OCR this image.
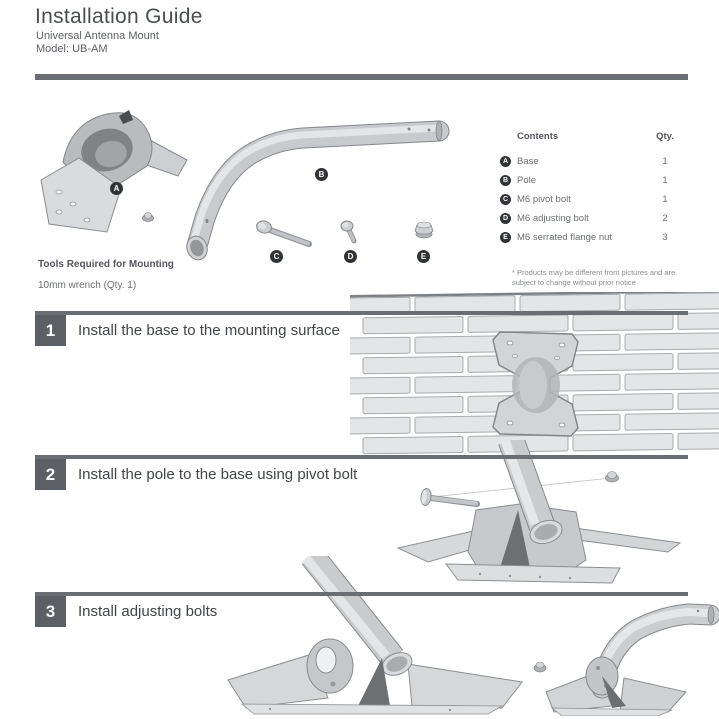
Installation Guide
Universal Antenna Mount
Model: UB-AM
A
B
C	D	E
Contents	Qty.
A Base	1
B Pole	1
C M6 pivot bolt	1
D M6 adjusting bolt	2
E M6 serrated flange nut	3
Tools Required for Mounting
10mm wrench (Qty. 1)
* Products may be different from pictures and are subject to change without prior notice
1	Install the base to the mounting surface
2	Install the pole to the base using pivot bolt
3	Install adjusting bolts
